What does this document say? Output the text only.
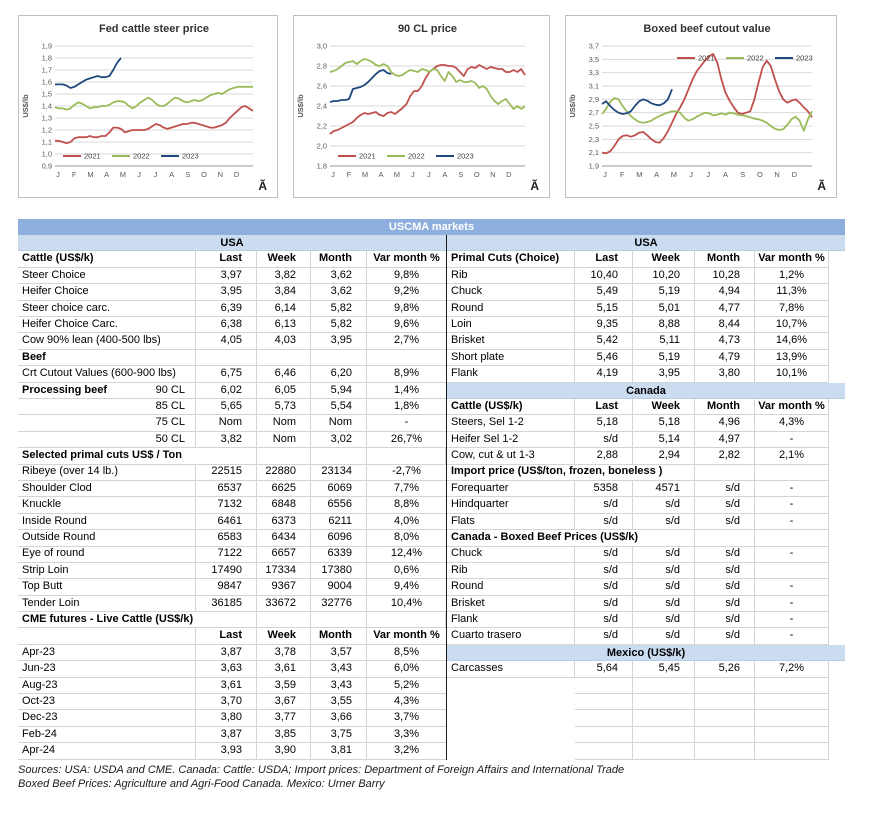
Fed cattle steer price
0,9
1,0
1,1
1,2
1,3
1,4
1,5
1,6
1,7
1,8
1,9
J F M A M J J A S O N D
US$/lb
2021	2022	2023
Ã
90 CL price
1,8
2,0
2,2
2,4
2,6
2,8
3,0
J F M A M J J A S O N D
US$/lb
2021	2022	2023
Ã
Boxed beef cutout value
1,9
2,1
2,3
2,5
2,7
2,9
3,1
3,3
3,5
3,7
J F M A M J J A S O N D
US$/lb
2021	2022	2023
Ã
USCMA markets
USA
Cattle (US$/k)	Last	Week	Month	Var month %
Steer Choice	3,97	3,82	3,62	9,8%
Heifer Choice	3,95	3,84	3,62	9,2%
Steer choice carc.	6,39	6,14	5,82	9,8%
Heifer Choice Carc.	6,38	6,13	5,82	9,6%
Cow 90% lean (400-500 lbs)	4,05	4,03	3,95	2,7%
Beef
Crt Cutout Values (600-900 lbs)	6,75	6,46	6,20	8,9%
Processing beef	90 CL	6,02	6,05	5,94	1,4%
85 CL	5,65	5,73	5,54	1,8%
75 CL	Nom	Nom	Nom	-
50 CL	3,82	Nom	3,02	26,7%
Selected primal cuts US$ / Ton
Ribeye (over 14 lb.)	22515	22880	23134	-2,7%
Shoulder Clod	6537	6625	6069	7,7%
Knuckle	7132	6848	6556	8,8%
Inside Round	6461	6373	6211	4,0%
Outside Round	6583	6434	6096	8,0%
Eye of round	7122	6657	6339	12,4%
Strip Loin	17490	17334	17380	0,6%
Top Butt	9847	9367	9004	9,4%
Tender Loin	36185	33672	32776	10,4%
CME futures - Live Cattle (US$/k)
Last	Week	Month	Var month %
Apr-23	3,87	3,78	3,57	8,5%
Jun-23	3,63	3,61	3,43	6,0%
Aug-23	3,61	3,59	3,43	5,2%
Oct-23	3,70	3,67	3,55	4,3%
Dec-23	3,80	3,77	3,66	3,7%
Feb-24	3,87	3,85	3,75	3,3%
Apr-24	3,93	3,90	3,81	3,2%
USA
Primal Cuts (Choice)	Last	Week	Month	Var month %
Rib	10,40	10,20	10,28	1,2%
Chuck	5,49	5,19	4,94	11,3%
Round	5,15	5,01	4,77	7,8%
Loin	9,35	8,88	8,44	10,7%
Brisket	5,42	5,11	4,73	14,6%
Short plate	5,46	5,19	4,79	13,9%
Flank	4,19	3,95	3,80	10,1%
Canada
Cattle (US$/k)	Last	Week	Month	Var month %
Steers, Sel 1-2	5,18	5,18	4,96	4,3%
Heifer Sel 1-2	s/d	5,14	4,97	-
Cow, cut & ut 1-3	2,88	2,94	2,82	2,1%
Import price (US$/ton, frozen, boneless )
Forequarter	5358	4571	s/d	-
Hindquarter	s/d	s/d	s/d	-
Flats	s/d	s/d	s/d	-
Canada - Boxed Beef Prices (US$/k)
Chuck	s/d	s/d	s/d	-
Rib	s/d	s/d	s/d
Round	s/d	s/d	s/d	-
Brisket	s/d	s/d	s/d	-
Flank	s/d	s/d	s/d	-
Cuarto trasero	s/d	s/d	s/d	-
Mexico (US$/k)
Carcasses	5,64	5,45	5,26	7,2%
Sources: USA: USDA and CME. Canada: Cattle: USDA; Import prices: Department of Foreign Affairs and International Trade
Boxed Beef Prices: Agriculture and Agri-Food Canada. Mexico: Urner Barry
